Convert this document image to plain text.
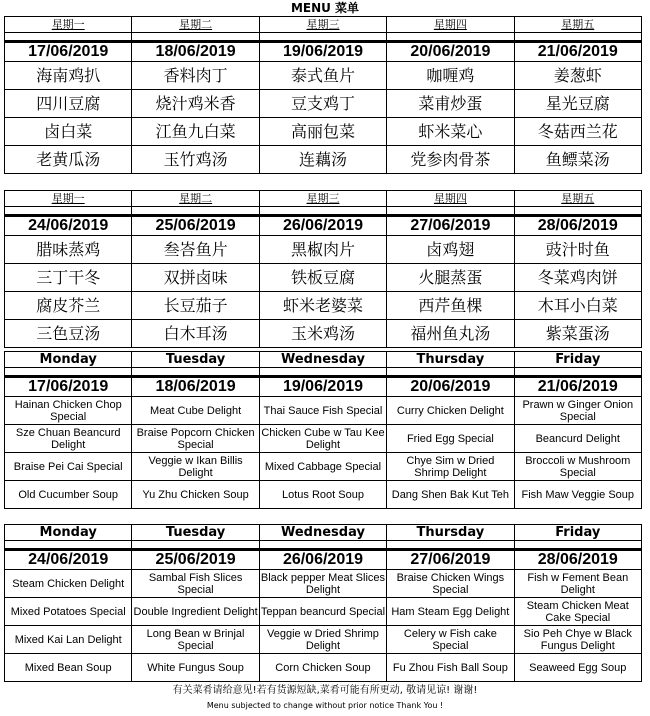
MENU 菜单
星期一	星期二	星期三	星期四	星期五

17/06/2019	18/06/2019	19/06/2019	20/06/2019	21/06/2019
海南鸡扒	香料肉丁	泰式鱼片	咖喱鸡	姜葱虾
四川豆腐	烧汁鸡米香	豆支鸡丁	菜甫炒蛋	星光豆腐
卤白菜	江鱼九白菜	高丽包菜	虾米菜心	冬菇西兰花
老黄瓜汤	玉竹鸡汤	连藕汤	党参肉骨茶	鱼鳔菜汤
星期一	星期二	星期三	星期四	星期五

24/06/2019	25/06/2019	26/06/2019	27/06/2019	28/06/2019
腊味蒸鸡	叁峇鱼片	黑椒肉片	卤鸡翅	豉汁时鱼
三丁干冬	双拼卤味	铁板豆腐	火腿蒸蛋	冬菜鸡肉饼
腐皮芥兰	长豆茄子	虾米老婆菜	西芹鱼棵	木耳小白菜
三色豆汤	白木耳汤	玉米鸡汤	福州鱼丸汤	紫菜蛋汤
Monday	Tuesday	Wednesday	Thursday	Friday

17/06/2019	18/06/2019	19/06/2019	20/06/2019	21/06/2019
Hainan Chicken Chop Special	Meat Cube Delight	Thai Sauce Fish Special	Curry Chicken Delight	Prawn w Ginger Onion Special
Sze Chuan Beancurd Delight	Braise Popcorn Chicken Special	Chicken Cube w Tau Kee Delight	Fried Egg Special	Beancurd Delight
Braise Pei Cai Special	Veggie w Ikan Billis Delight	Mixed Cabbage Special	Chye Sim w Dried Shrimp Delight	Broccoli w Mushroom Special
Old Cucumber Soup	Yu Zhu Chicken Soup	Lotus Root Soup	Dang Shen Bak Kut Teh	Fish Maw Veggie Soup
Monday	Tuesday	Wednesday	Thursday	Friday

24/06/2019	25/06/2019	26/06/2019	27/06/2019	28/06/2019
Steam Chicken Delight	Sambal Fish Slices Special	Black pepper Meat Slices Delight	Braise Chicken Wings Special	Fish w Fement Bean Delight
Mixed Potatoes Special	Double Ingredient Delight	Teppan beancurd Special	Ham Steam Egg Delight	Steam Chicken Meat Cake Special
Mixed Kai Lan Delight	Long Bean w Brinjal Special	Veggie w Dried Shrimp Delight	Celery w Fish cake Special	Sio Peh Chye w Black Fungus Delight
Mixed Bean Soup	White Fungus Soup	Corn Chicken Soup	Fu Zhou Fish Ball Soup	Seaweed Egg Soup
有关菜肴请给意见!若有货源短缺,菜肴可能有所更动, 敬请见谅! 谢谢!
Menu subjected to change without prior notice Thank You !
